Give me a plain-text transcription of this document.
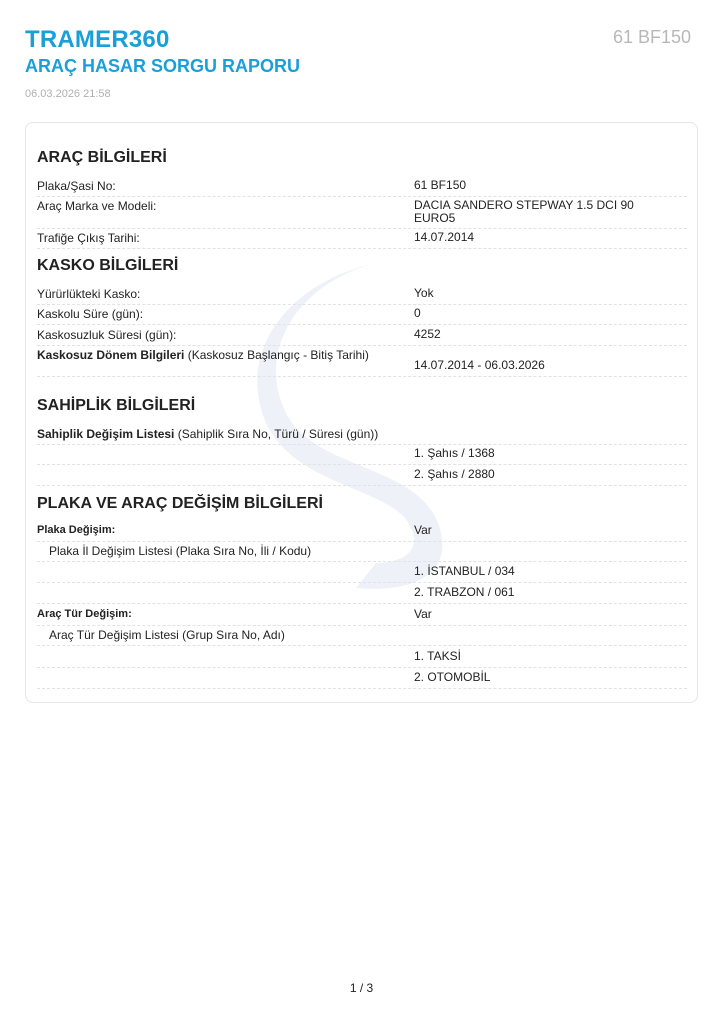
TRAMER360
ARAÇ HASAR SORGU RAPORU
61 BF150
06.03.2026 21:58
ARAÇ BİLGİLERİ
Plaka/Şasi No:	61 BF150
Araç Marka ve Modeli:	DACIA SANDERO STEPWAY 1.5 DCI 90 EURO5
Trafiğe Çıkış Tarihi:	14.07.2014
KASKO BİLGİLERİ
Yürürlükteki Kasko:	Yok
Kaskolu Süre (gün):	0
Kaskosuzluk Süresi (gün):	4252
Kaskosuz Dönem Bilgileri (Kaskosuz Başlangıç - Bitiş Tarihi)
14.07.2014 - 06.03.2026
SAHİPLİK BİLGİLERİ
Sahiplik Değişim Listesi (Sahiplik Sıra No, Türü / Süresi (gün))
1. Şahıs / 1368
2. Şahıs / 2880
PLAKA VE ARAÇ DEĞİŞİM BİLGİLERİ
Plaka Değişim:	Var
Plaka İl Değişim Listesi (Plaka Sıra No, İli / Kodu)
1. İSTANBUL / 034
2. TRABZON / 061
Araç Tür Değişim:	Var
Araç Tür Değişim Listesi (Grup Sıra No, Adı)
1. TAKSİ
2. OTOMOBİL
1 / 3
